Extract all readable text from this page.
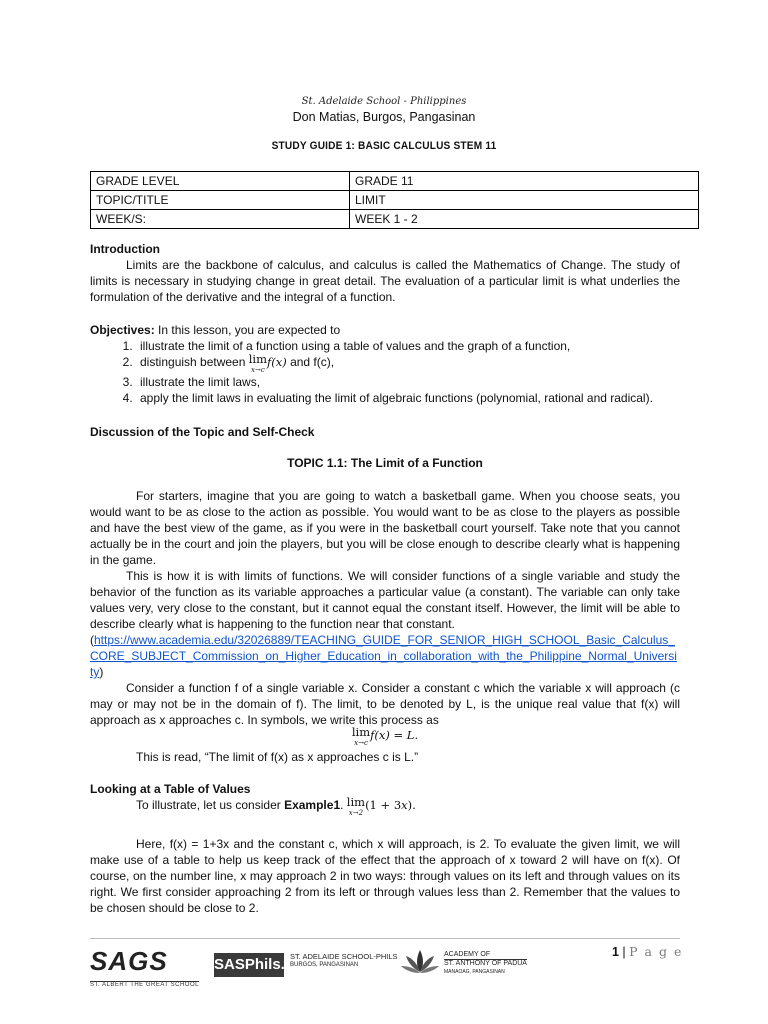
St. Adelaide School - Philippines
Don Matias, Burgos, Pangasinan
STUDY GUIDE 1: BASIC CALCULUS STEM 11
GRADE LEVEL	GRADE 11
TOPIC/TITLE	LIMIT
WEEK/S:	WEEK 1 - 2
Introduction
Limits are the backbone of calculus, and calculus is called the Mathematics of Change. The study of limits is necessary in studying change in great detail. The evaluation of a particular limit is what underlies the formulation of the derivative and the integral of a function.
Objectives: In this lesson, you are expected to
1. illustrate the limit of a function using a table of values and the graph of a function,
2. distinguish between lim
x→cf(x) and f(c),
3. illustrate the limit laws,
4. apply the limit laws in evaluating the limit of algebraic functions (polynomial, rational and radical).
Discussion of the Topic and Self-Check
TOPIC 1.1: The Limit of a Function
For starters, imagine that you are going to watch a basketball game. When you choose seats, you would want to be as close to the action as possible. You would want to be as close to the players as possible and have the best view of the game, as if you were in the basketball court yourself. Take note that you cannot actually be in the court and join the players, but you will be close enough to describe clearly what is happening in the game.
This is how it is with limits of functions. We will consider functions of a single variable and study the behavior of the function as its variable approaches a particular value (a constant). The variable can only take values very, very close to the constant, but it cannot equal the constant itself. However, the limit will be able to describe clearly what is happening to the function near that constant.
(https://www.academia.edu/32026889/TEACHING_GUIDE_FOR_SENIOR_HIGH_SCHOOL_Basic_Calculus_CORE_SUBJECT_Commission_on_Higher_Education_in_collaboration_with_the_Philippine_Normal_University)
Consider a function f of a single variable x. Consider a constant c which the variable x will approach (c may or may not be in the domain of f). The limit, to be denoted by L, is the unique real value that f(x) will approach as x approaches c. In symbols, we write this process as
lim
x→cf(x) = L.
This is read, “The limit of f(x) as x approaches c is L.”
Looking at a Table of Values
To illustrate, let us consider Example1. lim
x→2(1 + 3x).
Here, f(x) = 1+3x and the constant c, which x will approach, is 2. To evaluate the given limit, we will make use of a table to help us keep track of the effect that the approach of x toward 2 will have on f(x). Of course, on the number line, x may approach 2 in two ways: through values on its left and through values on its right. We first consider approaching 2 from its left or through values less than 2. Remember that the values to be chosen should be close to 2.
1 | P a g e
SAGS
ST. ALBERT THE GREAT SCHOOL
SASPhils. ST. ADELAIDE SCHOOL-PHILS
BURGOS, PANGASINAN
ACADEMY OF
ST. ANTHONY OF PADUA
MANAOAG, PANGASINAN
